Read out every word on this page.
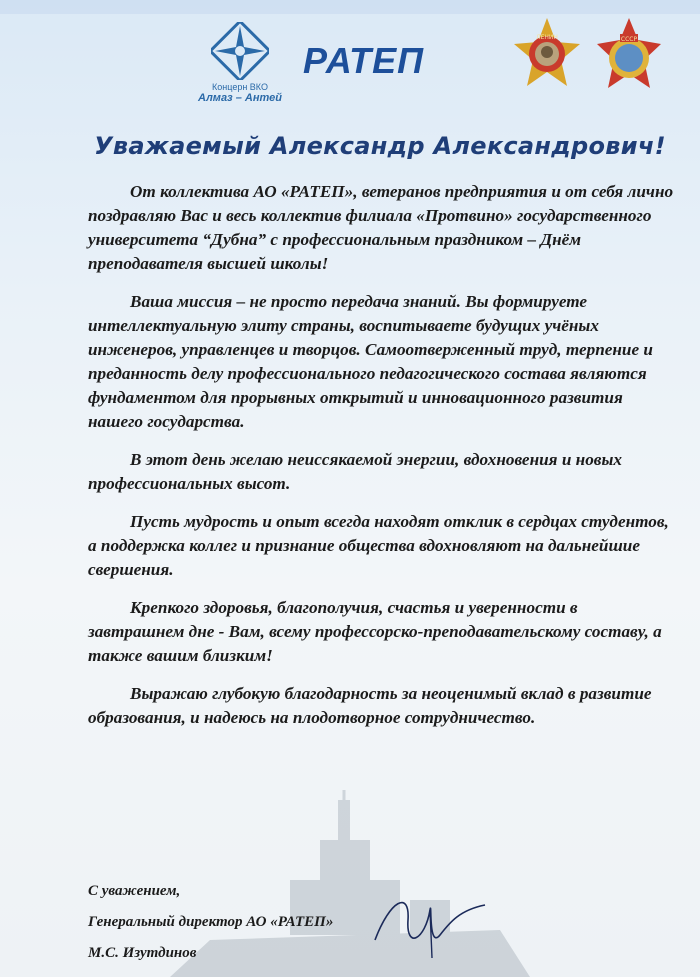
Концерн ВКО
Алмаз – Антей
РАТЕП
ЛЕНИН	СССР
Уважаемый Александр Александрович!

От коллектива АО «РАТЕП», ветеранов предприятия и от себя лично поздравляю Вас и весь коллектив филиала «Протвино» государственного университета “Дубна” с профессиональным праздником – Днём преподавателя высшей школы!

Ваша миссия – не просто передача знаний. Вы формируете интеллектуальную элиту страны, воспитываете будущих учёных инженеров, управленцев и творцов. Самоотверженный труд, терпение и преданность делу профессионального педагогического состава являются фундаментом для прорывных открытий и инновационного развития нашего государства.

В этот день желаю неиссякаемой энергии, вдохновения и новых профессиональных высот.

Пусть мудрость и опыт всегда находят отклик в сердцах студентов, а поддержка коллег и признание общества вдохновляют на дальнейшие свершения.

Крепкого здоровья, благополучия, счастья и уверенности в завтрашнем дне - Вам, всему профессорско-преподавательскому составу, а также вашим близким!

Выражаю глубокую благодарность за неоценимый вклад в развитие образования, и надеюсь на плодотворное сотрудничество.

С уважением,
Генеральный директор АО «РАТЕП»
М.С. Изутдинов
